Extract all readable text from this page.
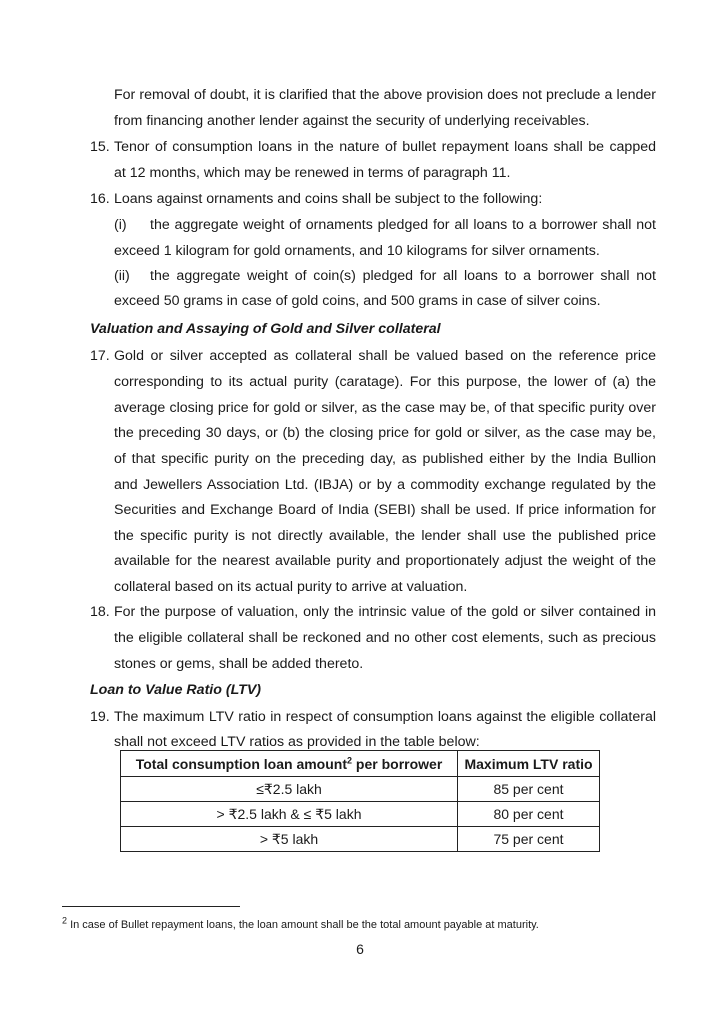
For removal of doubt, it is clarified that the above provision does not preclude a lender

from financing another lender against the security of underlying receivables.

15. Tenor of consumption loans in the nature of bullet repayment loans shall be capped

at 12 months, which may be renewed in terms of paragraph 11.

16. Loans against ornaments and coins shall be subject to the following:

(i) the aggregate weight of ornaments pledged for all loans to a borrower shall not

exceed 1 kilogram for gold ornaments, and 10 kilograms for silver ornaments.

(ii) the aggregate weight of coin(s) pledged for all loans to a borrower shall not

exceed 50 grams in case of gold coins, and 500 grams in case of silver coins.

Valuation and Assaying of Gold and Silver collateral
17. Gold or silver accepted as collateral shall be valued based on the reference price

corresponding to its actual purity (caratage). For this purpose, the lower of (a) the

average closing price for gold or silver, as the case may be, of that specific purity over

the preceding 30 days, or (b) the closing price for gold or silver, as the case may be,

of that specific purity on the preceding day, as published either by the India Bullion

and Jewellers Association Ltd. (IBJA) or by a commodity exchange regulated by the

Securities and Exchange Board of India (SEBI) shall be used. If price information for

the specific purity is not directly available, the lender shall use the published price

available for the nearest available purity and proportionately adjust the weight of the

collateral based on its actual purity to arrive at valuation.

18. For the purpose of valuation, only the intrinsic value of the gold or silver contained in

the eligible collateral shall be reckoned and no other cost elements, such as precious

stones or gems, shall be added thereto.

Loan to Value Ratio (LTV)
19. The maximum LTV ratio in respect of consumption loans against the eligible collateral

shall not exceed LTV ratios as provided in the table below:

Total consumption loan amount$^2$ per borrower	Maximum LTV ratio
≤₹2.5 lakh	85 per cent
> ₹2.5 lakh & ≤ ₹5 lakh	80 per cent
> ₹5 lakh	75 per cent
$^2$ In case of Bullet repayment loans, the loan amount shall be the total amount payable at maturity.
6
